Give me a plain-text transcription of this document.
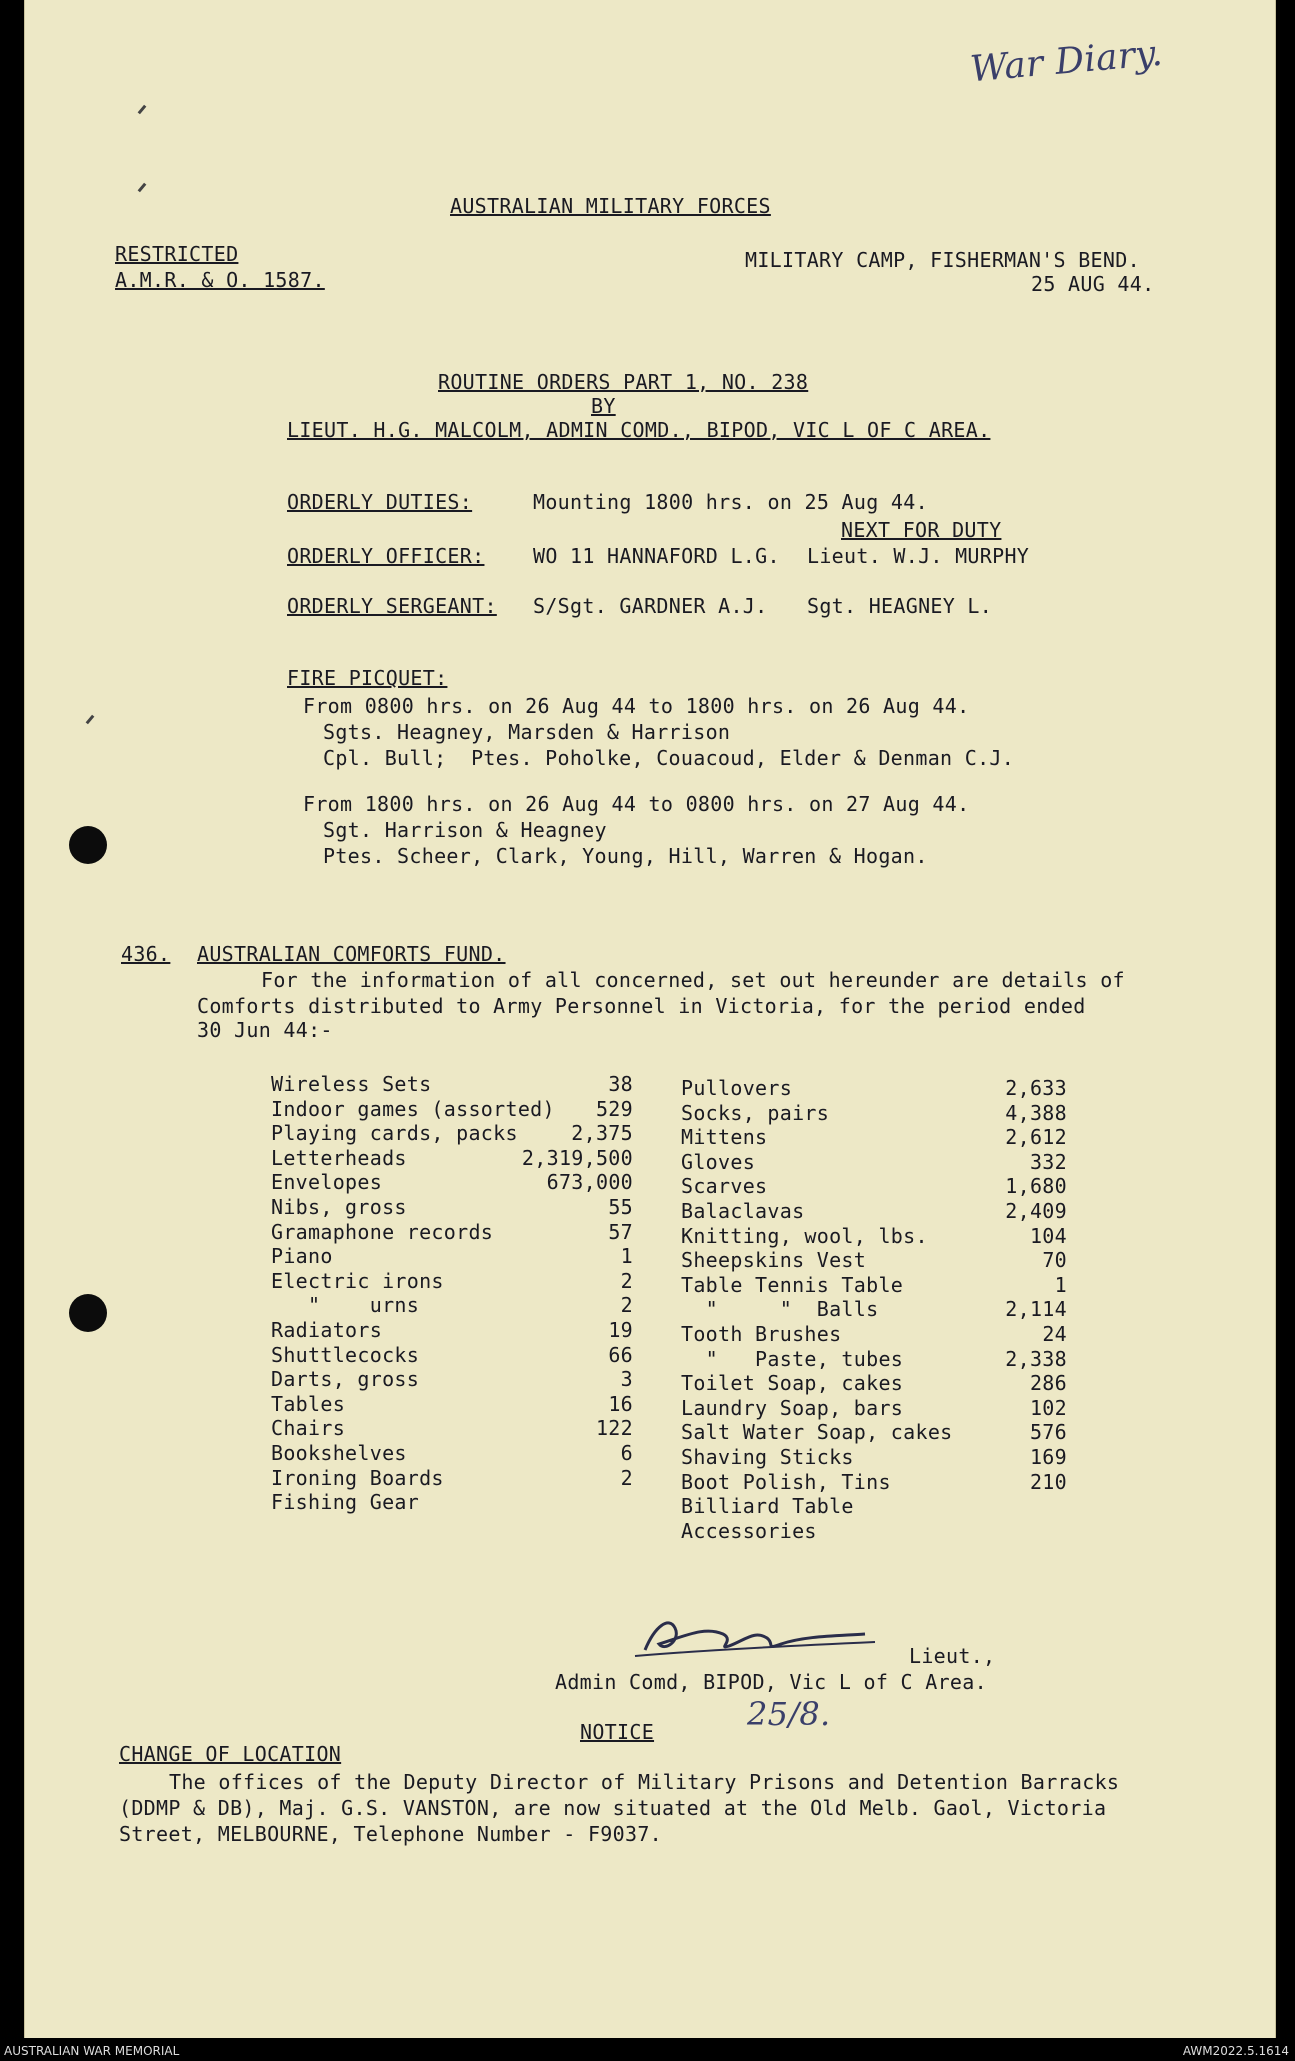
War Diary.
AUSTRALIAN MILITARY FORCES
RESTRICTED
A.M.R. & O. 1587.
MILITARY CAMP, FISHERMAN'S BEND.
25 AUG 44.
ROUTINE ORDERS PART 1, NO. 238
BY
LIEUT. H.G. MALCOLM, ADMIN COMD., BIPOD, VIC L OF C AREA.
ORDERLY DUTIES:	Mounting 1800 hrs. on 25 Aug 44.
NEXT FOR DUTY
ORDERLY OFFICER: WO 11 HANNAFORD L.G. Lieut. W.J. MURPHY
ORDERLY SERGEANT: S/Sgt. GARDNER A.J. Sgt. HEAGNEY L.
FIRE PICQUET:
From 0800 hrs. on 26 Aug 44 to 1800 hrs. on 26 Aug 44.
Sgts. Heagney, Marsden & Harrison
Cpl. Bull;  Ptes. Poholke, Couacoud, Elder & Denman C.J.
From 1800 hrs. on 26 Aug 44 to 0800 hrs. on 27 Aug 44.
Sgt. Harrison & Heagney
Ptes. Scheer, Clark, Young, Hill, Warren & Hogan.
436. AUSTRALIAN COMFORTS FUND.
For the information of all concerned, set out hereunder are details of
Comforts distributed to Army Personnel in Victoria, for the period ended
30 Jun 44:-
Wireless Sets	38
Indoor games (assorted)	529
Playing cards, packs	2,375
Letterheads	2,319,500
Envelopes	673,000
Nibs, gross	55
Gramaphone records	57
Piano	1
Electric irons	2
"    urns	2
Radiators	19
Shuttlecocks	66
Darts, gross	3
Tables	16
Chairs	122
Bookshelves	6
Ironing Boards	2
Fishing Gear
Pullovers	2,633
Socks, pairs	4,388
Mittens	2,612
Gloves	332
Scarves	1,680
Balaclavas	2,409
Knitting, wool, lbs.	104
Sheepskins Vest	70
Table Tennis Table	1
"     "  Balls	2,114
Tooth Brushes	24
"   Paste, tubes	2,338
Toilet Soap, cakes	286
Laundry Soap, bars	102
Salt Water Soap, cakes	576
Shaving Sticks	169
Boot Polish, Tins	210
Billiard Table
Accessories
HGMalcolm
Lieut.,
Admin Comd, BIPOD, Vic L of C Area.
25/8.
NOTICE
CHANGE OF LOCATION
The offices of the Deputy Director of Military Prisons and Detention Barracks
(DDMP & DB), Maj. G.S. VANSTON, are now situated at the Old Melb. Gaol, Victoria
Street, MELBOURNE, Telephone Number - F9037.
AUSTRALIAN WAR MEMORIAL	AWM2022.5.1614
